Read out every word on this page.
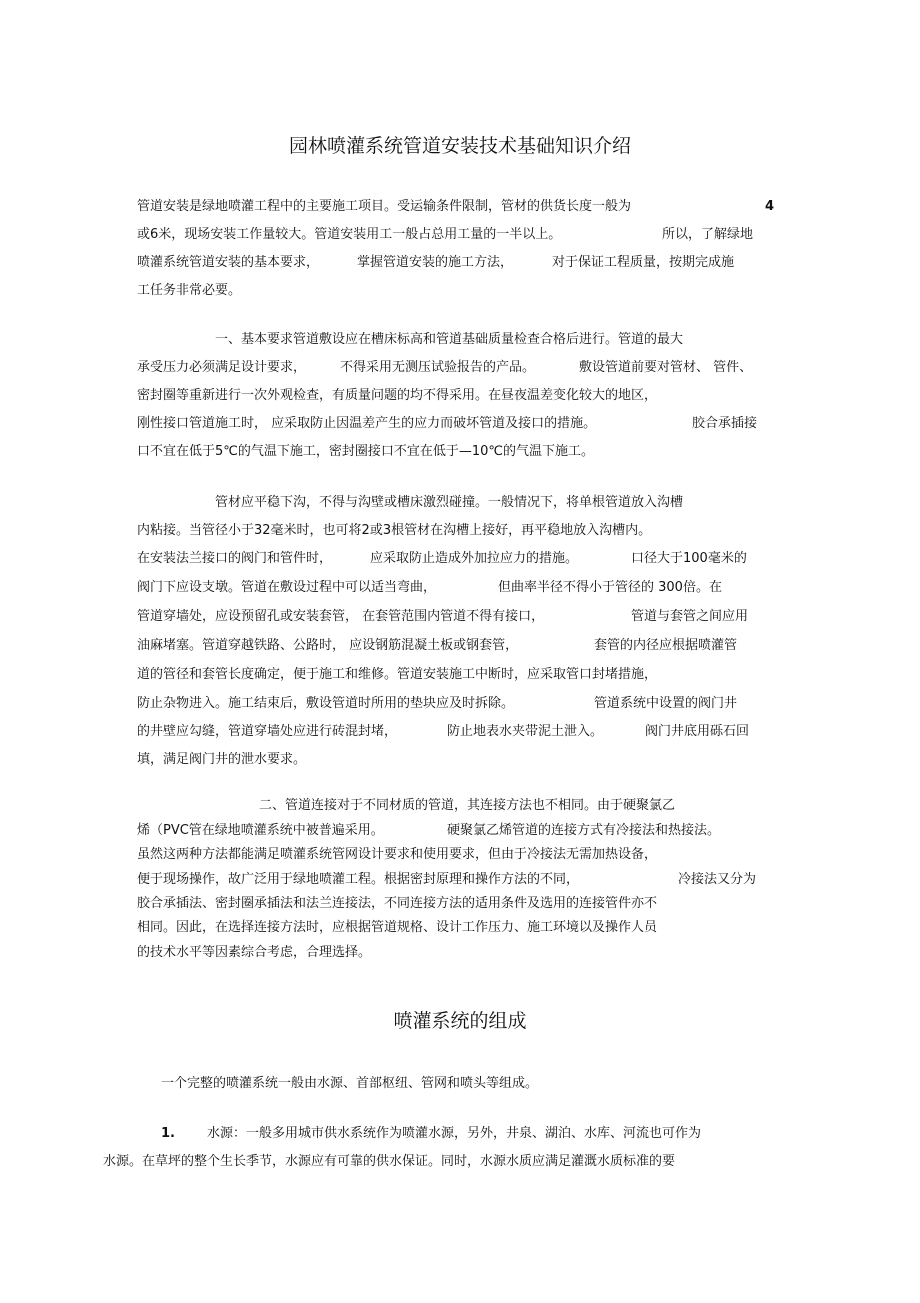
园林喷灌系统管道安装技术基础知识介绍
管道安装是绿地喷灌工程中的主要施工项目。受运输条件限制，管材的供货长度一般为	4
或6米，现场安装工作量较大。管道安装用工一般占总用工量的一半以上。	所以，了解绿地
喷灌系统管道安装的基本要求，	掌握管道安装的施工方法，	对于保证工程质量，按期完成施
工任务非常必要。
一、基本要求管道敷设应在槽床标高和管道基础质量检查合格后进行。管道的最大
承受压力必须满足设计要求，	不得采用无测压试验报告的产品。	敷设管道前要对管材、 管件、
密封圈等重新进行一次外观检查，有质量问题的均不得采用。在昼夜温差变化较大的地区，
刚性接口管道施工时， 应采取防止因温差产生的应力而破坏管道及接口的措施。	胶合承插接
口不宜在低于5℃的气温下施工，密封圈接口不宜在低于—10℃的气温下施工。
管材应平稳下沟，不得与沟壁或槽床激烈碰撞。一般情况下，将单根管道放入沟槽
内粘接。当管径小于32毫米时，也可将2或3根管材在沟槽上接好，再平稳地放入沟槽内。
在安装法兰接口的阀门和管件时，	应采取防止造成外加拉应力的措施。	口径大于100毫米的
阀门下应设支墩。管道在敷设过程中可以适当弯曲，	但曲率半径不得小于管径的 300倍。在
管道穿墙处，应设预留孔或安装套管， 在套管范围内管道不得有接口，	管道与套管之间应用
油麻堵塞。管道穿越铁路、公路时， 应设钢筋混凝土板或钢套管，	套管的内径应根据喷灌管
道的管径和套管长度确定，便于施工和维修。管道安装施工中断时，应采取管口封堵措施，
防止杂物进入。施工结束后，敷设管道时所用的垫块应及时拆除。	管道系统中设置的阀门井
的井壁应勾缝，管道穿墙处应进行砖混封堵，	防止地表水夹带泥土泄入。	阀门井底用砾石回
填，满足阀门井的泄水要求。
二、管道连接对于不同材质的管道，其连接方法也不相同。由于硬聚氯乙
烯（PVC管在绿地喷灌系统中被普遍采用。	硬聚氯乙烯管道的连接方式有冷接法和热接法。
虽然这两种方法都能满足喷灌系统管网设计要求和使用要求，但由于冷接法无需加热设备，
便于现场操作，故广泛用于绿地喷灌工程。根据密封原理和操作方法的不同，	冷接法又分为
胶合承插法、密封圈承插法和法兰连接法，不同连接方法的适用条件及选用的连接管件亦不
相同。因此，在选择连接方法时，应根据管道规格、设计工作压力、施工环境以及操作人员
的技术水平等因素综合考虑，合理选择。
喷灌系统的组成
一个完整的喷灌系统一般由水源、首部枢纽、管网和喷头等组成。
1. 水源：一般多用城市供水系统作为喷灌水源，另外，井泉、湖泊、水库、河流也可作为
水源。在草坪的整个生长季节，水源应有可靠的供水保证。同时，水源水质应满足灌溉水质标准的要
